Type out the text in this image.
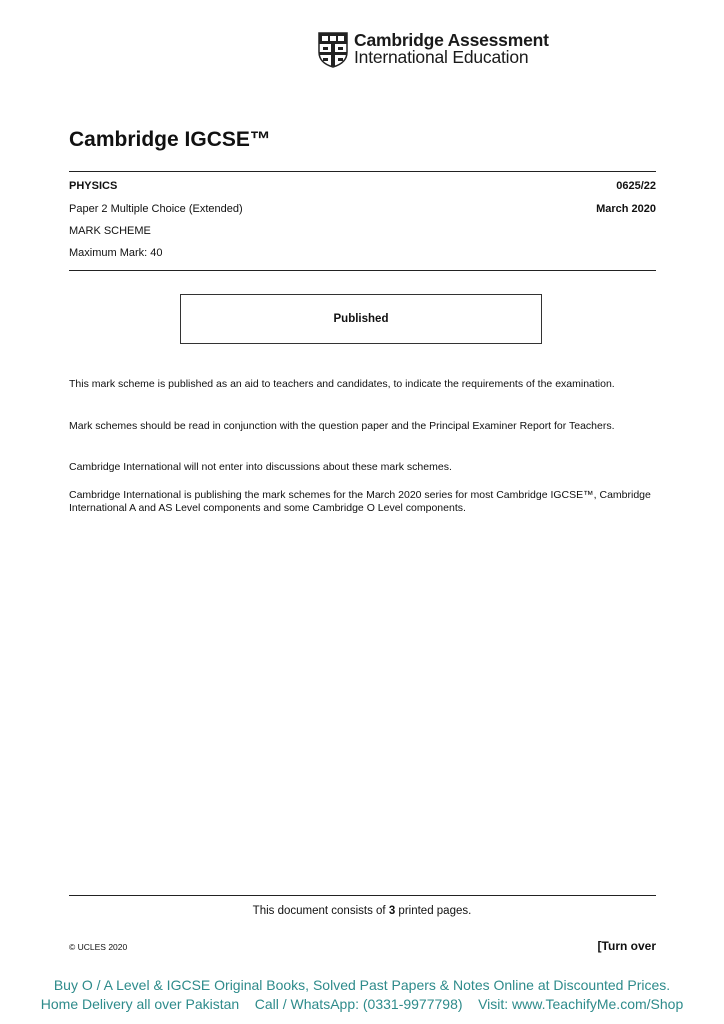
Cambridge Assessment
International Education
Cambridge IGCSE™
PHYSICS	0625/22
Paper 2 Multiple Choice (Extended)	March 2020
MARK SCHEME
Maximum Mark: 40
Published
This mark scheme is published as an aid to teachers and candidates, to indicate the requirements of the examination.
Mark schemes should be read in conjunction with the question paper and the Principal Examiner Report for Teachers.
Cambridge International will not enter into discussions about these mark schemes.
Cambridge International is publishing the mark schemes for the March 2020 series for most Cambridge IGCSE™, Cambridge International A and AS Level components and some Cambridge O Level components.
This document consists of 3 printed pages.
© UCLES 2020	[Turn over
Buy O / A Level & IGCSE Original Books, Solved Past Papers & Notes Online at Discounted Prices.
Home Delivery all over Pakistan    Call / WhatsApp: (0331-9977798)    Visit: www.TeachifyMe.com/Shop
